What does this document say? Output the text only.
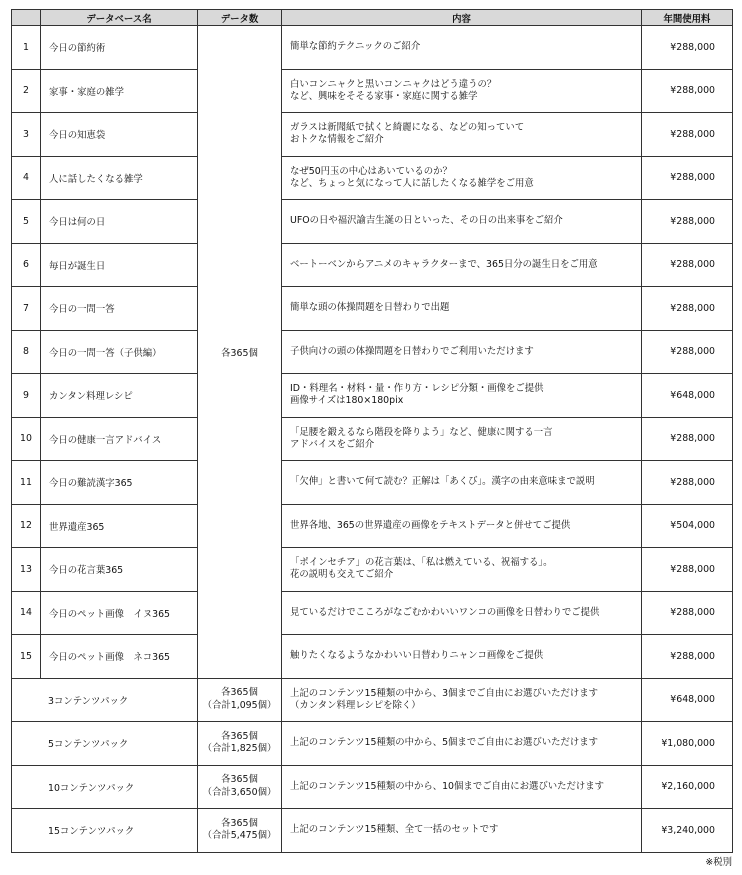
	データベース名	データ数	内容	年間使用料
1	今日の節約術	各365個	簡単な節約テクニックのご紹介	¥288,000
2	家事・家庭の雑学		白いコンニャクと黒いコンニャクはどう違うの？
など、興味をそそる家事・家庭に関する雑学	¥288,000
3	今日の知恵袋		ガラスは新聞紙で拭くと綺麗になる、などの知っていて
おトクな情報をご紹介	¥288,000
4	人に話したくなる雑学		なぜ50円玉の中心はあいているのか？
など、ちょっと気になって人に話したくなる雑学をご用意	¥288,000
5	今日は何の日		UFOの日や福沢諭吉生誕の日といった、その日の出来事をご紹介	¥288,000
6	毎日が誕生日		ベートーベンからアニメのキャラクターまで、365日分の誕生日をご用意	¥288,000
7	今日の一問一答		簡単な頭の体操問題を日替わりで出題	¥288,000
8	今日の一問一答（子供編）		子供向けの頭の体操問題を日替わりでご利用いただけます	¥288,000
9	カンタン料理レシピ		ID・料理名・材料・量・作り方・レシピ分類・画像をご提供
画像サイズは180×180pix	¥648,000
10	今日の健康一言アドバイス		「足腰を鍛えるなら階段を降りよう」など、健康に関する一言
アドバイスをご紹介	¥288,000
11	今日の難読漢字365		「欠伸」と書いて何て読む？正解は「あくび」。漢字の由来意味まで説明	¥288,000
12	世界遺産365		世界各地、365の世界遺産の画像をテキストデータと併せてご提供	¥504,000
13	今日の花言葉365		「ポインセチア」の花言葉は、「私は燃えている、祝福する」。
花の説明も交えてご紹介	¥288,000
14	今日のペット画像　イヌ365		見ているだけでこころがなごむかわいいワンコの画像を日替わりでご提供	¥288,000
15	今日のペット画像　ネコ365		触りたくなるようなかわいい日替わりニャンコ画像をご提供	¥288,000
3コンテンツパック		各365個
（合計1,095個）	上記のコンテンツ15種類の中から、3個までご自由にお選びいただけます
（カンタン料理レシピを除く）	¥648,000
5コンテンツパック		各365個
（合計1,825個）	上記のコンテンツ15種類の中から、5個までご自由にお選びいただけます	¥1,080,000
10コンテンツパック		各365個
（合計3,650個）	上記のコンテンツ15種類の中から、10個までご自由にお選びいただけます	¥2,160,000
15コンテンツパック		各365個
（合計5,475個）	上記のコンテンツ15種類、全て一括のセットです	¥3,240,000
※税別
